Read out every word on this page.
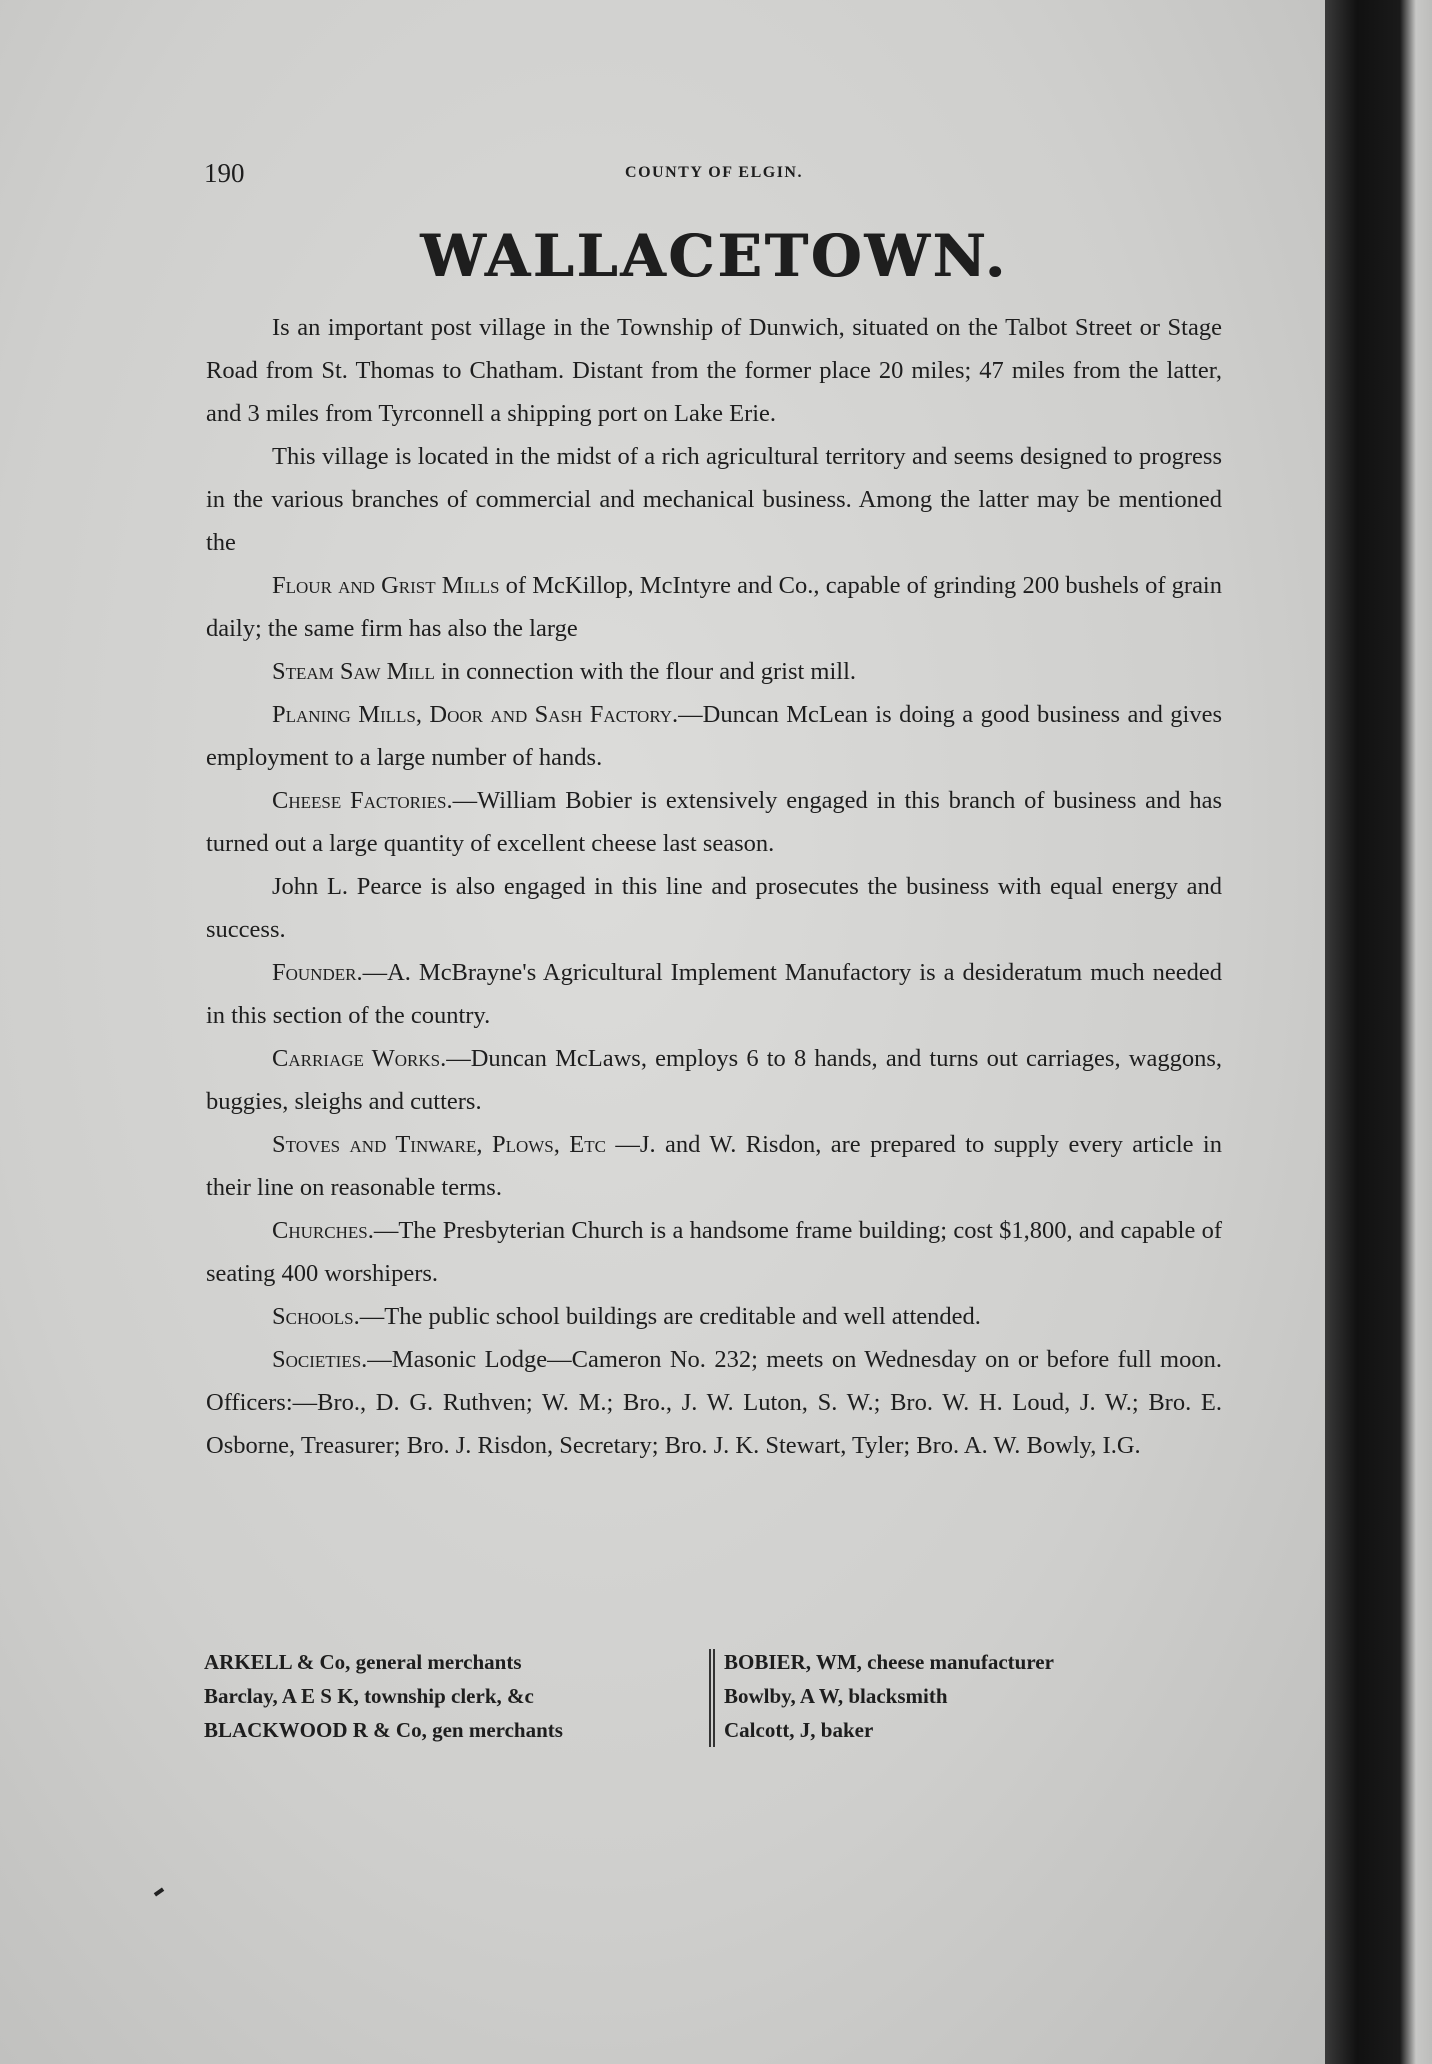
190	COUNTY OF ELGIN.
WALLACETOWN.

Is an important post village in the Township of Dunwich, situated on the Talbot Street or Stage Road from St. Thomas to Chatham. Distant from the former place 20 miles; 47 miles from the latter, and 3 miles from Tyrconnell a shipping port on Lake Erie.

This village is located in the midst of a rich agricultural territory and seems designed to progress in the various branches of commercial and mechanical business. Among the latter may be mentioned the

Flour and Grist Mills of McKillop, McIntyre and Co., capable of grinding 200 bushels of grain daily; the same firm has also the large

Steam Saw Mill in connection with the flour and grist mill.

Planing Mills, Door and Sash Factory.—Duncan McLean is doing a good business and gives employment to a large number of hands.

Cheese Factories.—William Bobier is extensively engaged in this branch of business and has turned out a large quantity of excellent cheese last season.

John L. Pearce is also engaged in this line and prosecutes the business with equal energy and success.

Founder.—A. McBrayne's Agricultural Implement Manufactory is a desideratum much needed in this section of the country.

Carriage Works.—Duncan McLaws, employs 6 to 8 hands, and turns out carriages, waggons, buggies, sleighs and cutters.

Stoves and Tinware, Plows, Etc —J. and W. Risdon, are prepared to supply every article in their line on reasonable terms.

Churches.—The Presbyterian Church is a handsome frame building; cost $1,800, and capable of seating 400 worshipers.

Schools.—The public school buildings are creditable and well attended.

Societies.—Masonic Lodge—Cameron No. 232; meets on Wednesday on or before full moon. Officers:—Bro., D. G. Ruthven; W. M.; Bro., J. W. Luton, S. W.; Bro. W. H. Loud, J. W.; Bro. E. Osborne, Treasurer; Bro. J. Risdon, Secretary; Bro. J. K. Stewart, Tyler; Bro. A. W. Bowly, I.G.

ARKELL & Co, general merchants
Barclay, A E S K, township clerk, &c
BLACKWOOD R & Co, gen merchants
BOBIER, WM, cheese manufacturer
Bowlby, A W, blacksmith
Calcott, J, baker
